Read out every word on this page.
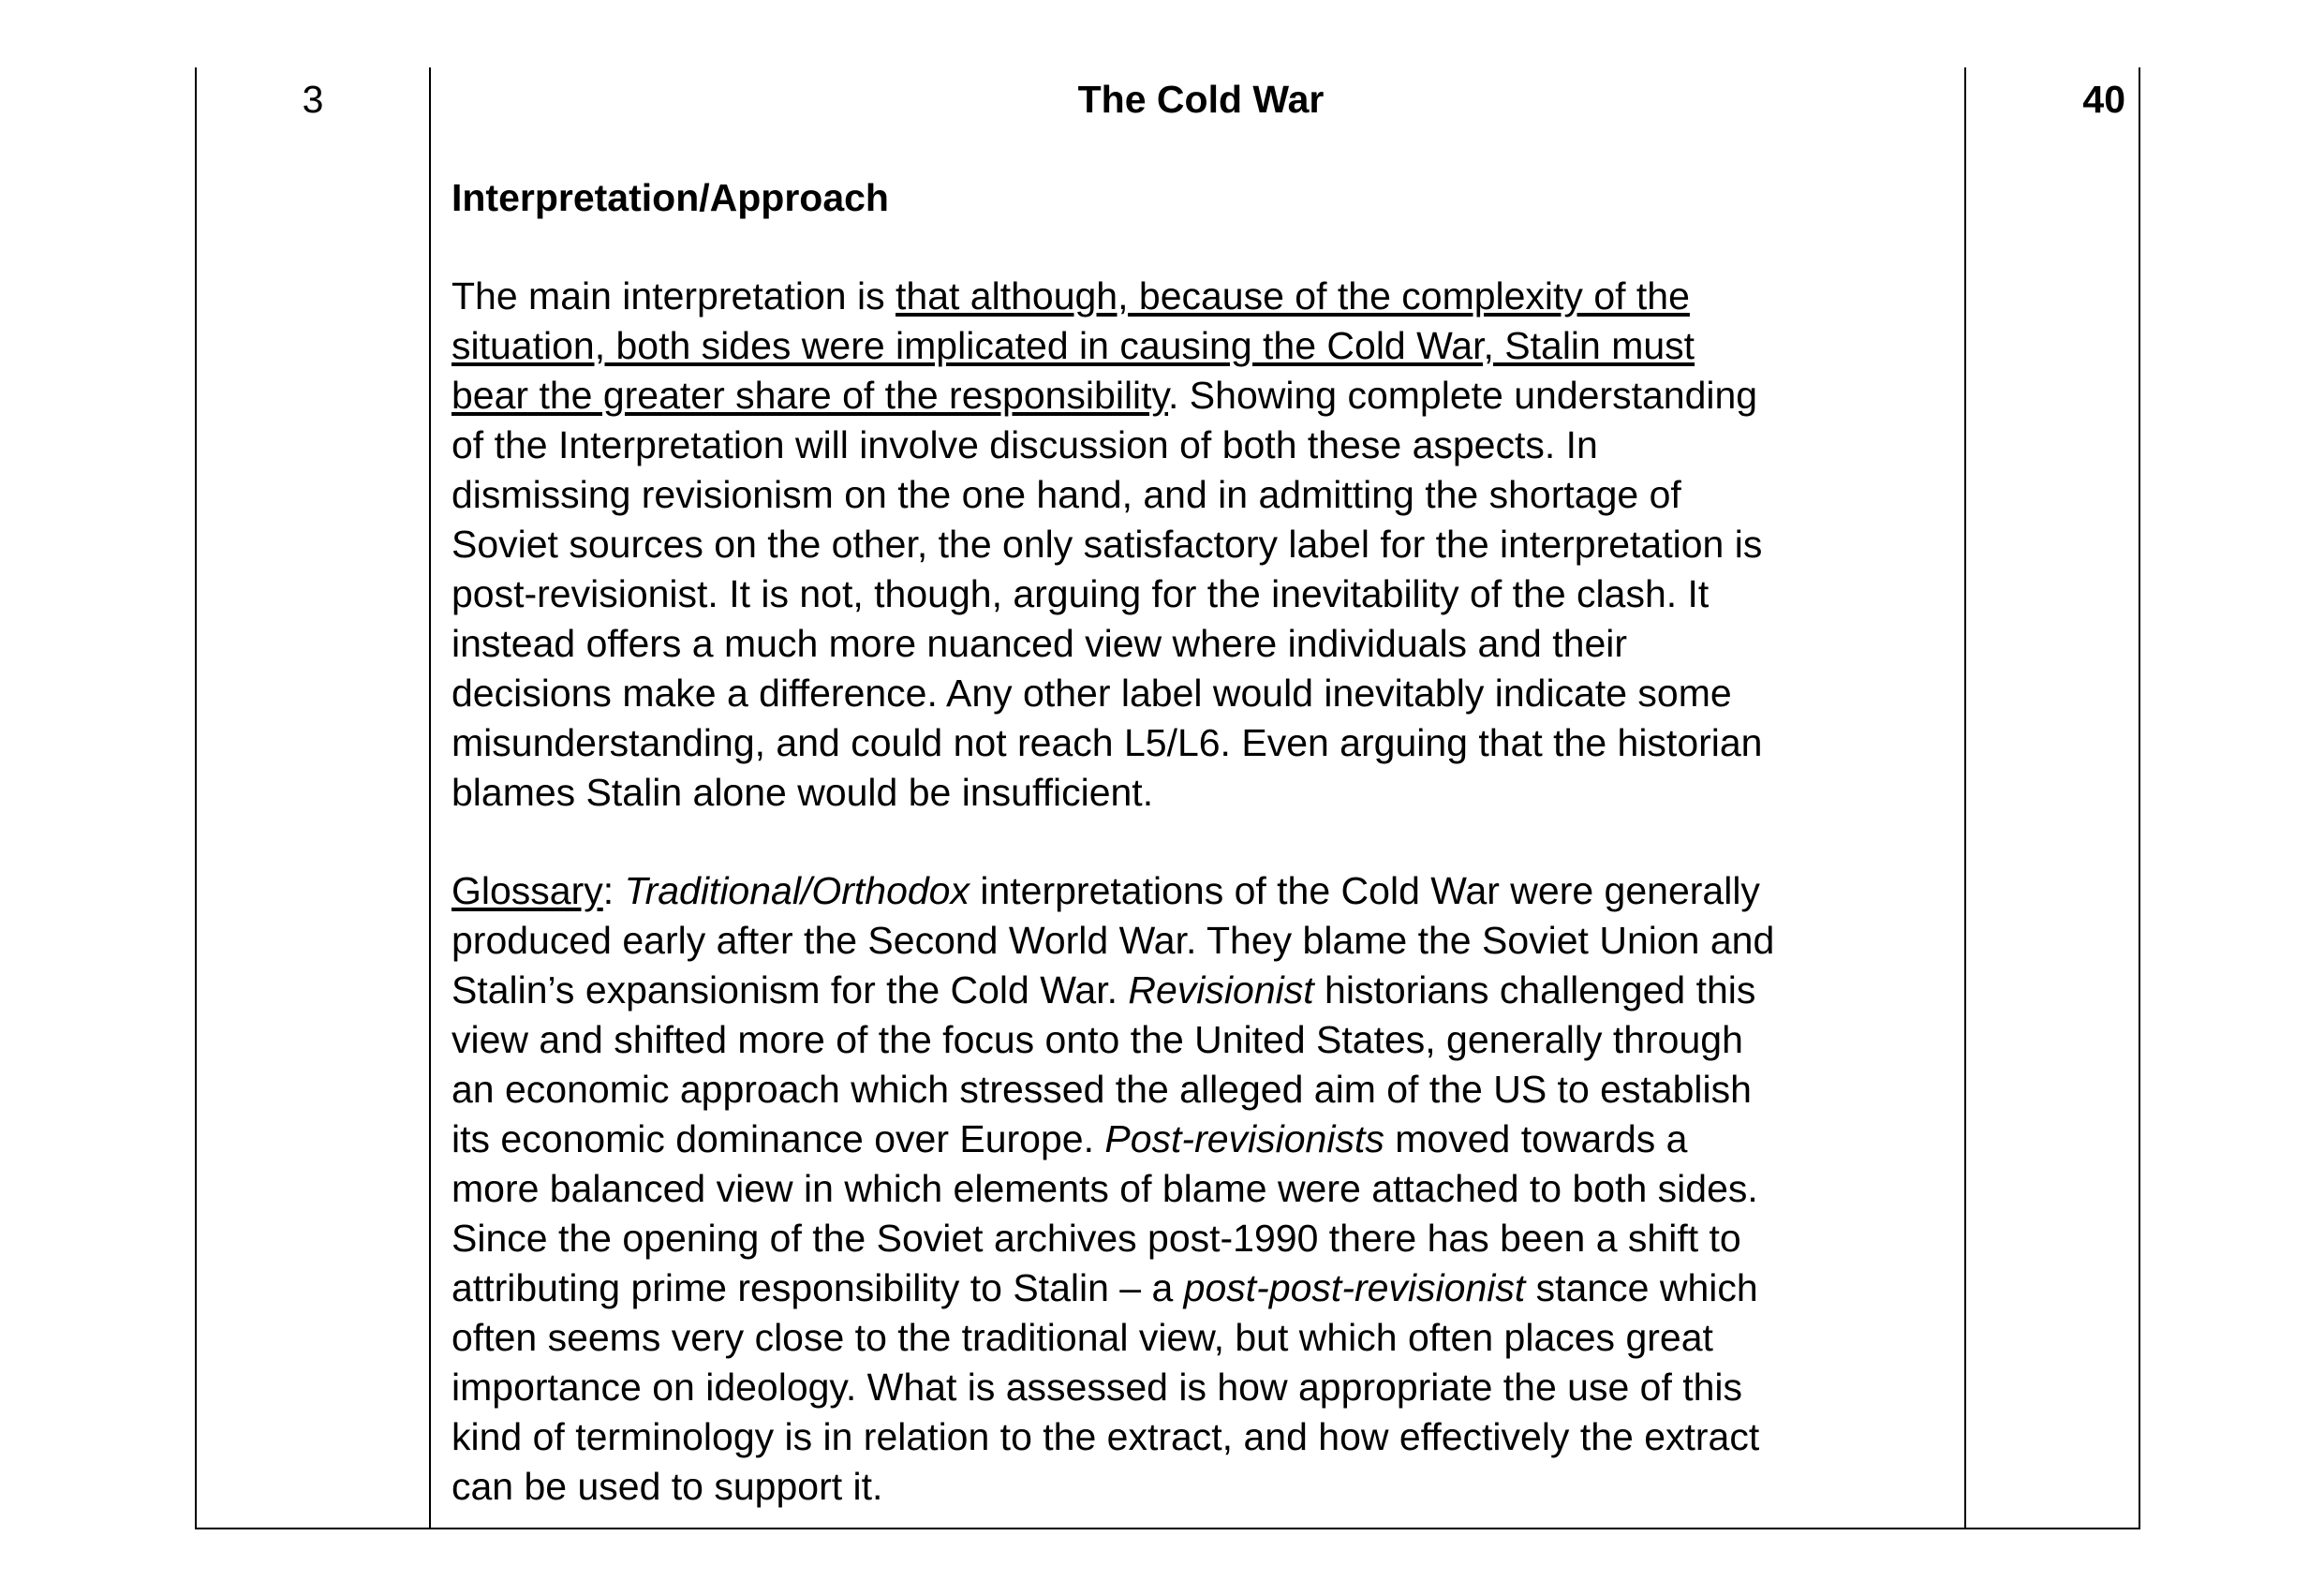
3	The Cold War
Interpretation/Approach

The main interpretation is that although, because of the complexity of the
situation, both sides were implicated in causing the Cold War, Stalin must
bear the greater share of the responsibility. Showing complete understanding
of the Interpretation will involve discussion of both these aspects. In
dismissing revisionism on the one hand, and in admitting the shortage of
Soviet sources on the other, the only satisfactory label for the interpretation is
post-revisionist. It is not, though, arguing for the inevitability of the clash. It
instead offers a much more nuanced view where individuals and their
decisions make a difference. Any other label would inevitably indicate some
misunderstanding, and could not reach L5/L6. Even arguing that the historian
blames Stalin alone would be insufficient.

Glossary: Traditional/Orthodox interpretations of the Cold War were generally
produced early after the Second World War. They blame the Soviet Union and
Stalin’s expansionism for the Cold War. Revisionist historians challenged this
view and shifted more of the focus onto the United States, generally through
an economic approach which stressed the alleged aim of the US to establish
its economic dominance over Europe. Post-revisionists moved towards a
more balanced view in which elements of blame were attached to both sides.
Since the opening of the Soviet archives post-1990 there has been a shift to
attributing prime responsibility to Stalin – a post-post-revisionist stance which
often seems very close to the traditional view, but which often places great
importance on ideology. What is assessed is how appropriate the use of this
kind of terminology is in relation to the extract, and how effectively the extract
can be used to support it.

40
